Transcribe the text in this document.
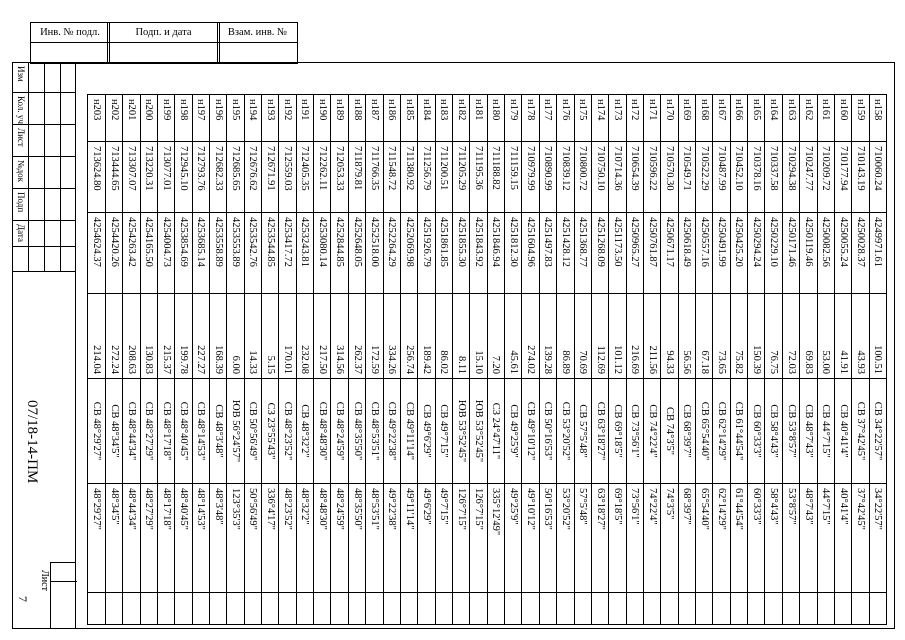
Инв. № подл.	Подп. и дата	Взам. инв. №
Изм
Кол. уч
Лист
№док
Подп
Дата
07/18-14-ПМ
Лист
7
н158	710060.24	4249971.61	100.51	СВ 34°22'57"	34°22'57"	
н159	710143.19	4250028.37	43.93	СВ 37°42'45"	37°42'45"	
н160	710177.94	4250055.24	41.91	СВ 40°41'4"	40°41'4"	
н161	710209.72	4250082.56	53.00	СВ 44°7'15"	44°7'15"	
н162	710247.77	4250119.46	69.83	СВ 48°7'43"	48°7'43"	
н163	710294.38	4250171.46	72.03	СВ 53°8'57"	53°8'57"	
н164	710337.58	4250229.10	76.75	СВ 58°4'43"	58°4'43"	
н165	710378.16	4250294.24	150.39	СВ 60°33'3"	60°33'3"	
н166	710452.10	4250425.20	75.82	СВ 61°44'54"	61°44'54"	
н167	710487.99	4250491.99	73.65	СВ 62°14'29"	62°14'29"	
н168	710522.29	4250557.16	67.18	СВ 65°54'40"	65°54'40"	
н169	710549.71	4250618.49	56.56	СВ 68°39'7"	68°39'7"	
н170	710570.30	4250671.17	94.33	СВ 74°3'5"	74°3'5"	
н171	710596.22	4250761.87	211.56	СВ 74°22'4"	74°22'4"	
н172	710654.39	4250965.27	216.69	СВ 73°56'1"	73°56'1"	
н173	710714.36	4251173.50	101.12	СВ 69°18'5"	69°18'5"	
н174	710750.10	4251268.09	112.69	СВ 63°18'27"	63°18'27"	
н175	710800.72	4251368.77	70.69	СВ 57°5'48"	57°5'48"	
н176	710839.12	4251428.12	86.89	СВ 53°20'52"	53°20'52"	
н177	710890.99	4251497.83	139.28	СВ 50°16'53"	50°16'53"	
н178	710979.99	4251604.96	274.02	СВ 49°10'12"	49°10'12"	
н179	711159.15	4251812.30	45.61	СВ 49°25'9"	49°25'9"	
н180	711188.82	4251846.94	7.20	СЗ 24°47'11"	335°12'49"	
н181	711195.36	4251843.92	15.10	ЮВ 53°52'45"	126°7'15"	
н182	711205.29	4251855.30	8.11	ЮВ 53°52'45"	126°7'15"	
н183	711200.51	4251861.85	86.02	СВ 49°7'15"	49°7'15"	
н184	711256.79	4251926.79	189.42	СВ 49°6'29"	49°6'29"	
н185	711380.92	4252069.98	256.74	СВ 49°11'14"	49°11'14"	
н186	711548.72	4252264.29	334.26	СВ 49°22'38"	49°22'38"	
н187	711766.35	4252518.00	172.59	СВ 48°53'51"	48°53'51"	
н188	711879.81	4252648.05	262.37	СВ 48°35'50"	48°35'50"	
н189	712053.33	4252844.85	314.56	СВ 48°24'59"	48°24'59"	
н190	712262.11	4253080.14	217.50	СВ 48°48'30"	48°48'30"	
н191	712405.35	4253243.81	232.08	СВ 48°32'2"	48°32'2"	
н192	712559.03	4253417.72	170.01	СВ 48°23'52"	48°23'52"	
н193	712671.91	4253544.85	5.15	СЗ 23°55'43"	336°4'17"	
н194	712676.62	4253542.76	14.33	СВ 50°56'49"	50°56'49"	
н195	712685.65	4253553.89	6.00	ЮВ 56°24'57"	123°35'3"	
н196	712682.33	4253558.89	168.39	СВ 48°3'48"	48°3'48"	
н197	712793.76	4253685.14	227.27	СВ 48°14'53"	48°14'53"	
н198	712945.10	4253854.69	199.78	СВ 48°40'45"	48°40'45"	
н199	713077.01	4254004.73	215.37	СВ 48°17'18"	48°17'18"	
н200	713220.31	4254165.50	130.83	СВ 48°27'29"	48°27'29"	
н201	713307.07	4254263.42	208.63	СВ 48°44'34"	48°44'34"	
н202	713444.65	4254420.26	272.24	СВ 48°34'5"	48°34'5"	
н203	713624.80	4254624.37	214.04	СВ 48°29'27"	48°29'27"	
